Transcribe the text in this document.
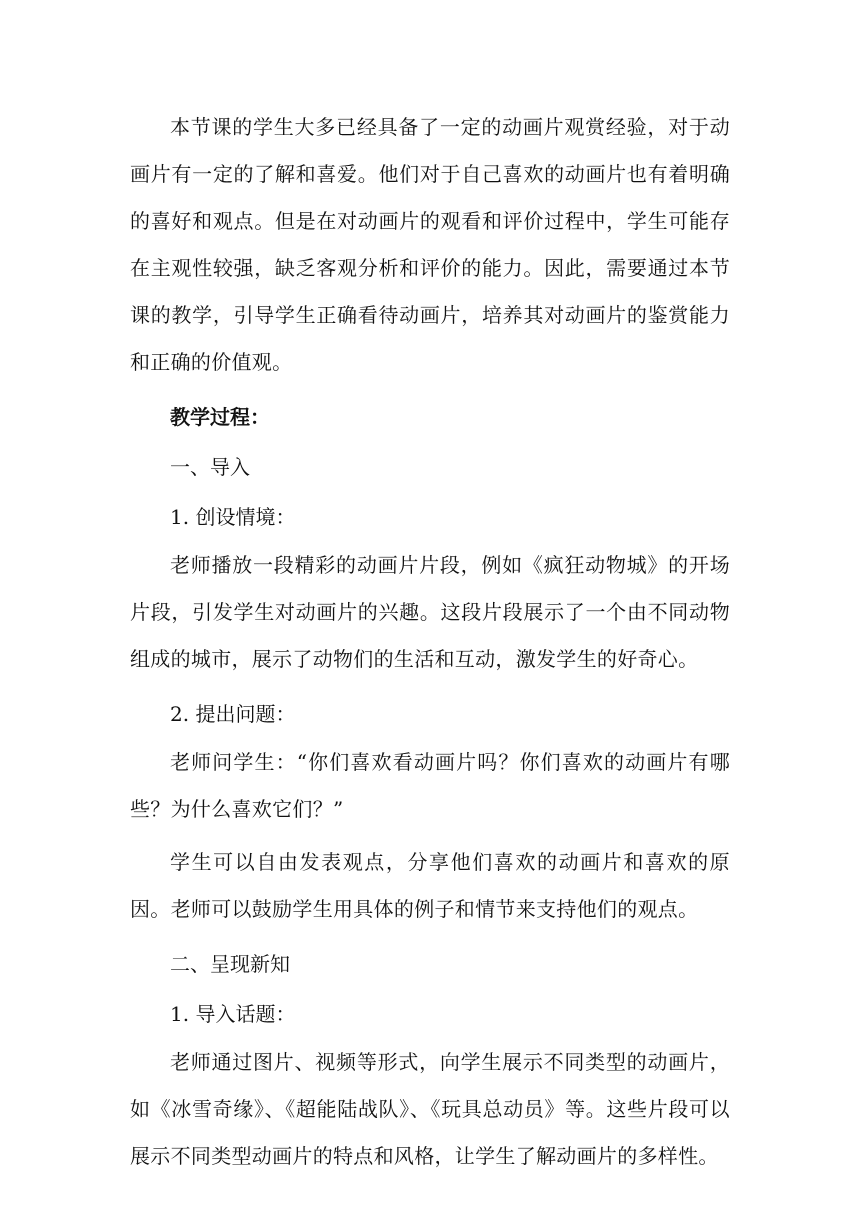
本节课的学生大多已经具备了一定的动画片观赏经验，对于动画片有一定的了解和喜爱。他们对于自己喜欢的动画片也有着明确的喜好和观点。但是在对动画片的观看和评价过程中，学生可能存在主观性较强，缺乏客观分析和评价的能力。因此，需要通过本节课的教学，引导学生正确看待动画片，培养其对动画片的鉴赏能力和正确的价值观。

教学过程：

一、导入

1. 创设情境：

老师播放一段精彩的动画片片段，例如《疯狂动物城》的开场片段，引发学生对动画片的兴趣。这段片段展示了一个由不同动物组成的城市，展示了动物们的生活和互动，激发学生的好奇心。

2. 提出问题：

老师问学生：“你们喜欢看动画片吗？你们喜欢的动画片有哪些？为什么喜欢它们？”

学生可以自由发表观点，分享他们喜欢的动画片和喜欢的原因。老师可以鼓励学生用具体的例子和情节来支持他们的观点。

二、呈现新知

1. 导入话题：

老师通过图片、视频等形式，向学生展示不同类型的动画片，如《冰雪奇缘》、《超能陆战队》、《玩具总动员》等。这些片段可以展示不同类型动画片的特点和风格，让学生了解动画片的多样性。
